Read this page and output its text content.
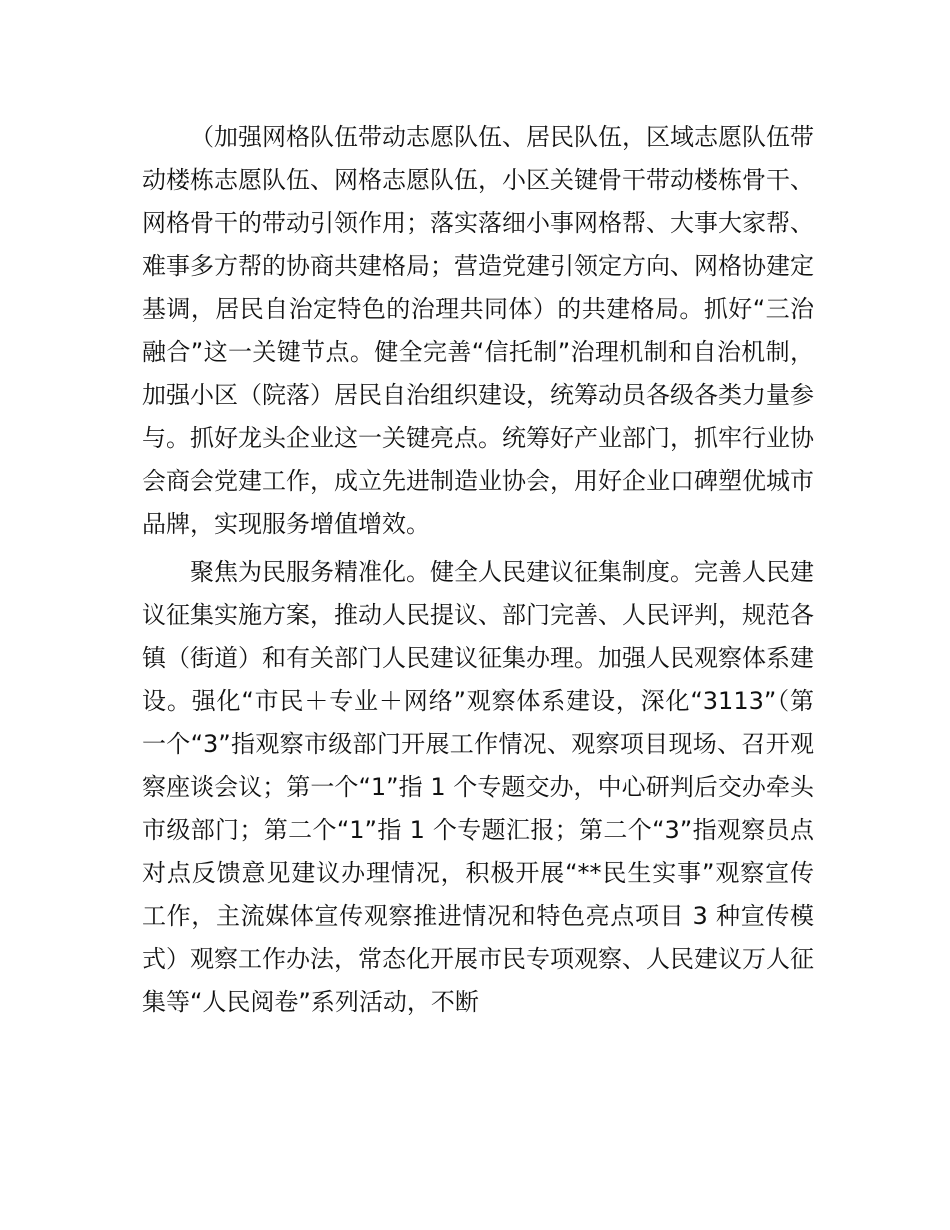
（加强网格队伍带动志愿队伍、居民队伍，区域志愿队伍带动楼栋志愿队伍、网格志愿队伍，小区关键骨干带动楼栋骨干、网格骨干的带动引领作用；落实落细小事网格帮、大事大家帮、难事多方帮的协商共建格局；营造党建引领定方向、网格协建定基调，居民自治定特色的治理共同体）的共建格局。抓好“三治融合”这一关键节点。健全完善“信托制”治理机制和自治机制，加强小区（院落）居民自治组织建设，统筹动员各级各类力量参与。抓好龙头企业这一关键亮点。统筹好产业部门，抓牢行业协会商会党建工作，成立先进制造业协会，用好企业口碑塑优城市品牌，实现服务增值增效。

聚焦为民服务精准化。健全人民建议征集制度。完善人民建议征集实施方案，推动人民提议、部门完善、人民评判，规范各镇（街道）和有关部门人民建议征集办理。加强人民观察体系建设。强化“市民＋专业＋网络”观察体系建设，深化“3113”（第一个“3”指观察市级部门开展工作情况、观察项目现场、召开观察座谈会议；第一个“1”指 1 个专题交办，中心研判后交办牵头市级部门；第二个“1”指 1 个专题汇报；第二个“3”指观察员点对点反馈意见建议办理情况，积极开展“**民生实事”观察宣传工作，主流媒体宣传观察推进情况和特色亮点项目 3 种宣传模式）观察工作办法，常态化开展市民专项观察、人民建议万人征集等“人民阅卷”系列活动，不断
